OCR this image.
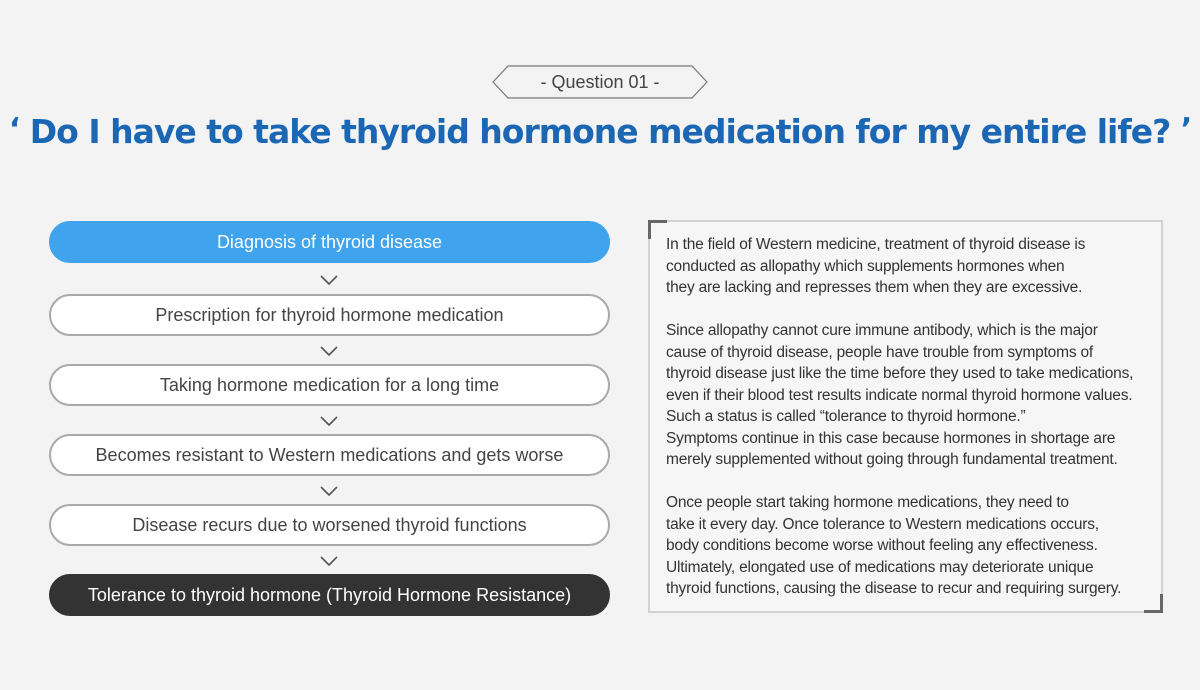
- Question 01 -
‘ Do I have to take thyroid hormone medication for my entire life? ’
Diagnosis of thyroid disease
Prescription for thyroid hormone medication
Taking hormone medication for a long time
Becomes resistant to Western medications and gets worse
Disease recurs due to worsened thyroid functions
Tolerance to thyroid hormone (Thyroid Hormone Resistance)
In the field of Western medicine, treatment of thyroid disease is
conducted as allopathy which supplements hormones when
they are lacking and represses them when they are excessive.
Since allopathy cannot cure immune antibody, which is the major
cause of thyroid disease, people have trouble from symptoms of
thyroid disease just like the time before they used to take medications,
even if their blood test results indicate normal thyroid hormone values.
Such a status is called “tolerance to thyroid hormone.”
Symptoms continue in this case because hormones in shortage are
merely supplemented without going through fundamental treatment.
Once people start taking hormone medications, they need to
take it every day. Once tolerance to Western medications occurs,
body conditions become worse without feeling any effectiveness.
Ultimately, elongated use of medications may deteriorate unique
thyroid functions, causing the disease to recur and requiring surgery.
